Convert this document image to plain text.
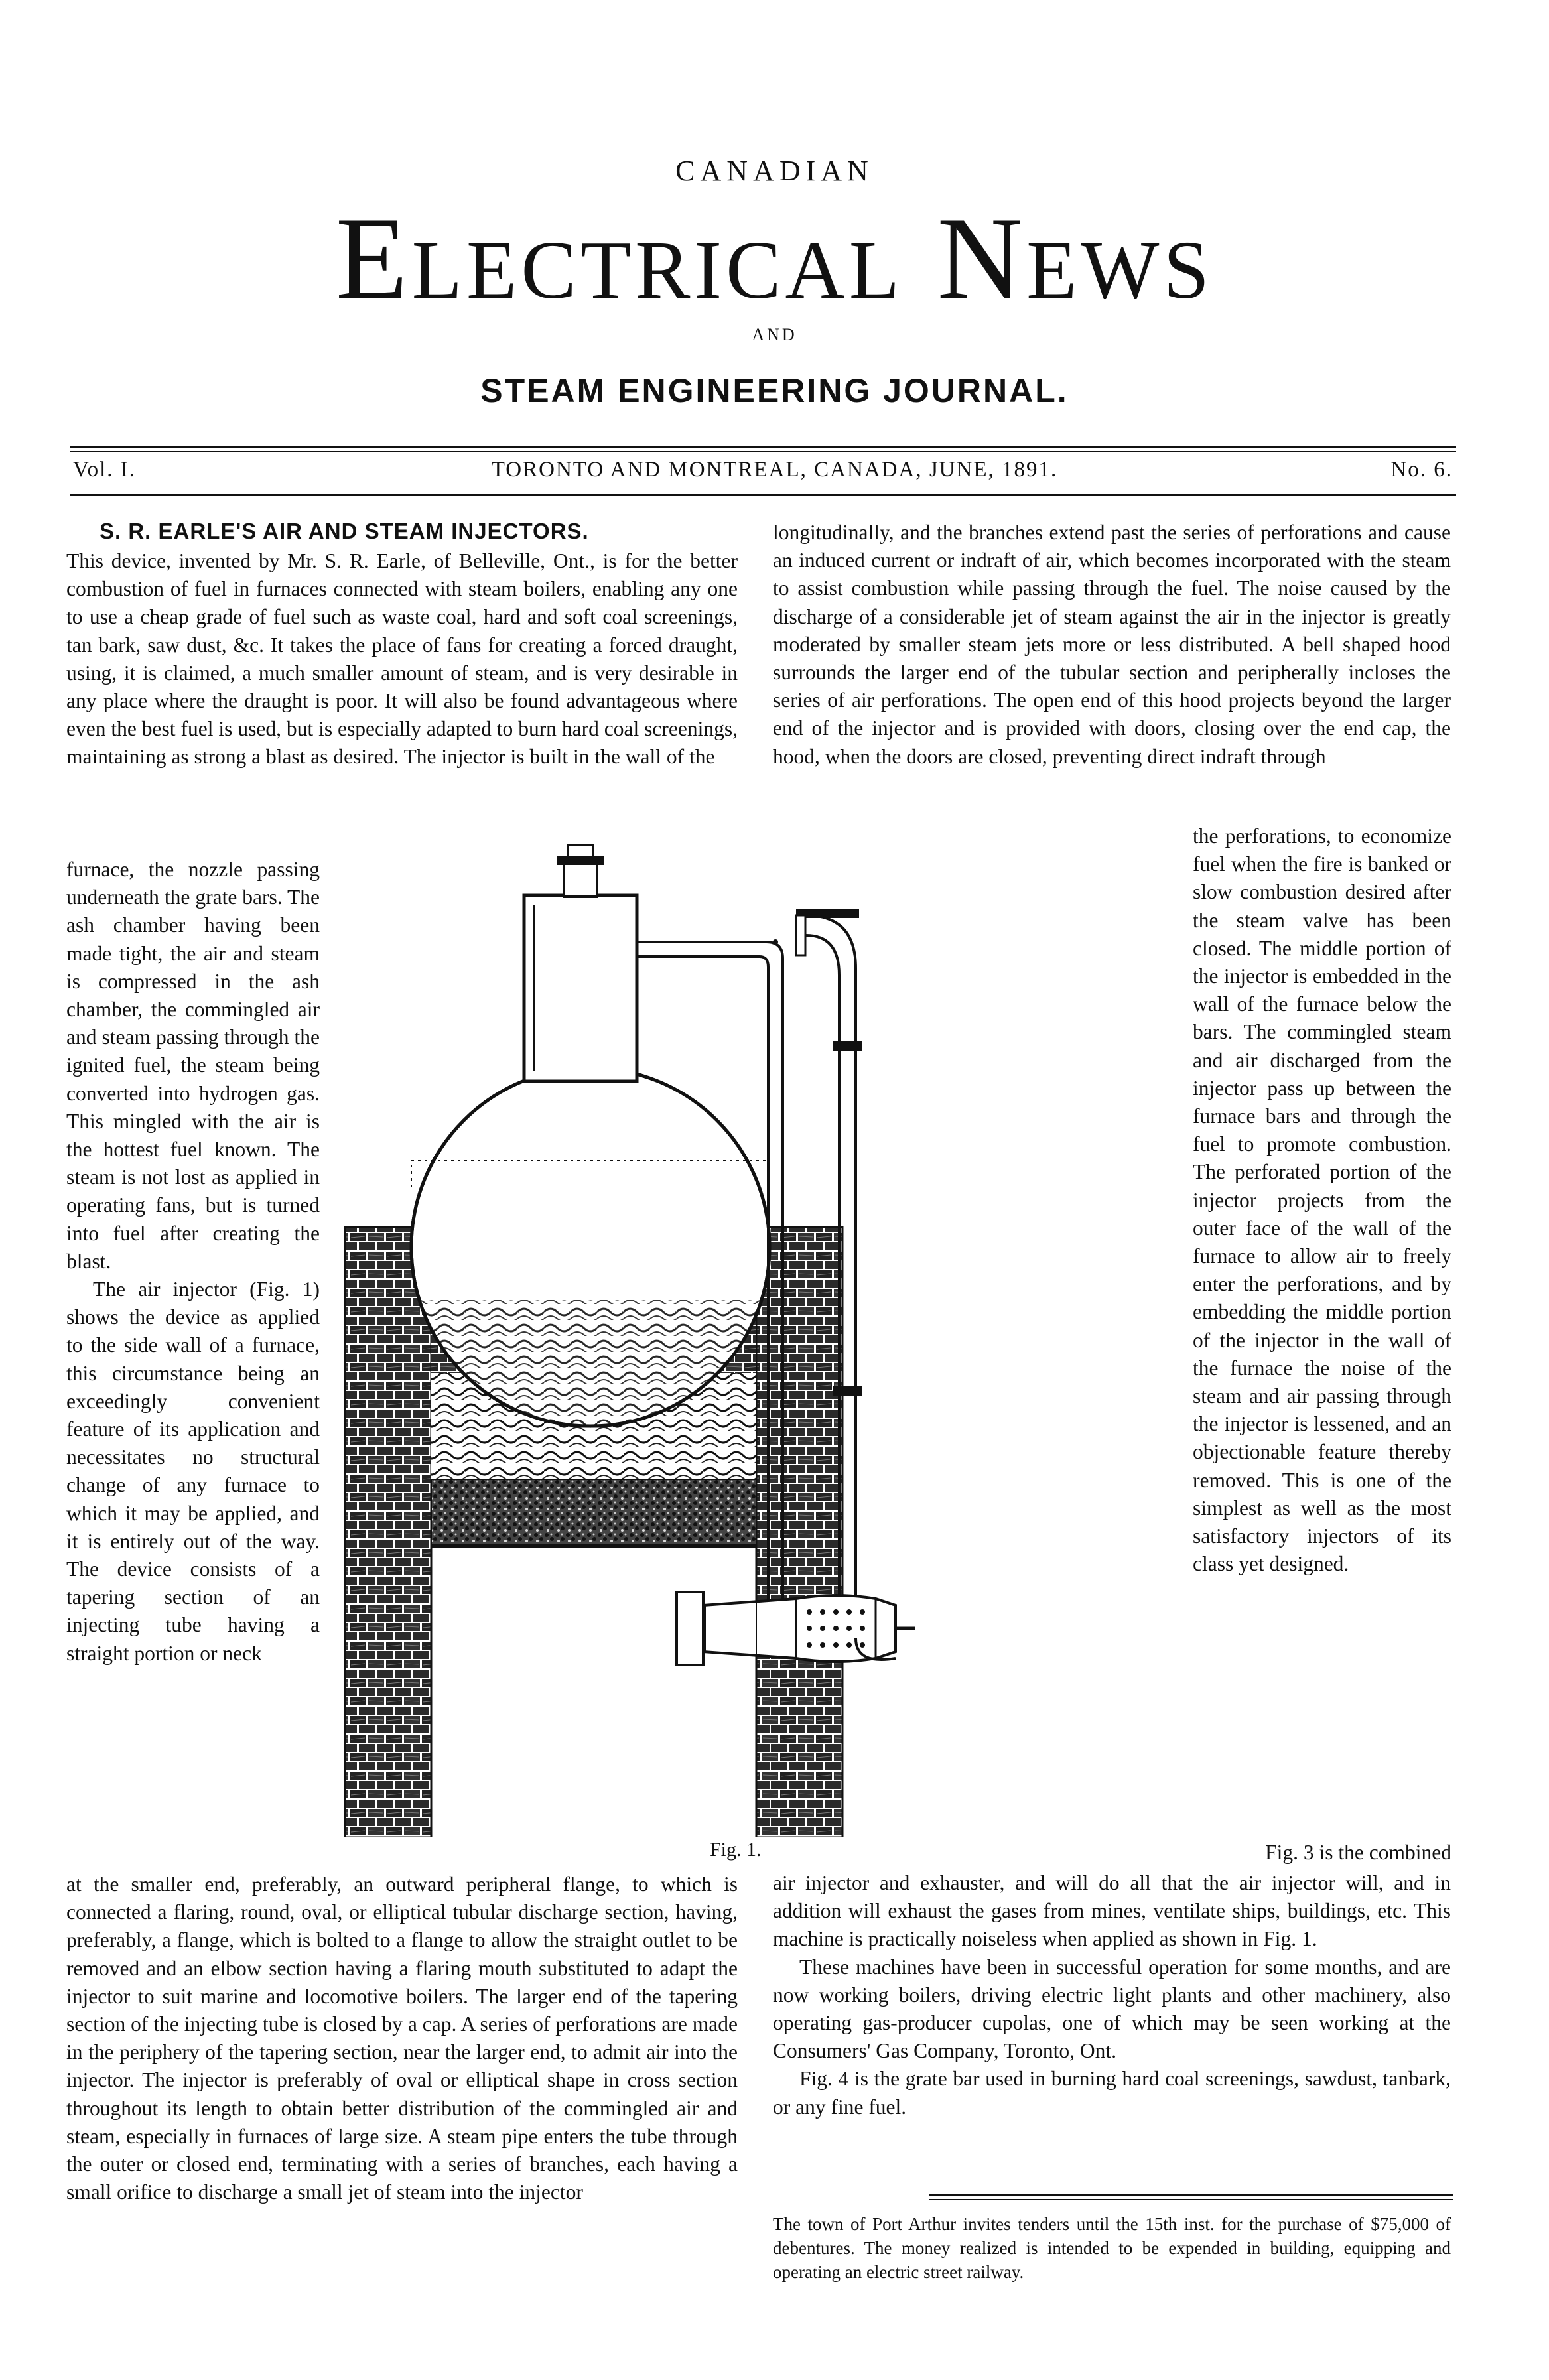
CANADIAN
Electrical News
AND
STEAM ENGINEERING JOURNAL.
Vol. I.	TORONTO AND MONTREAL, CANADA, JUNE, 1891.	No. 6.
S. R. EARLE'S AIR AND STEAM INJECTORS.

This device, invented by Mr. S. R. Earle, of Belleville, Ont., is for the better combustion of fuel in furnaces connected with steam boilers, enabling any one to use a cheap grade of fuel such as waste coal, hard and soft coal screenings, tan bark, saw dust, &c. It takes the place of fans for creating a forced draught, using, it is claimed, a much smaller amount of steam, and is very desirable in any place where the draught is poor. It will also be found advantageous where even the best fuel is used, but is especially adapted to burn hard coal screenings, maintaining as strong a blast as desired. The injector is built in the wall of the

furnace, the nozzle passing underneath the grate bars. The ash chamber having been made tight, the air and steam is compressed in the ash chamber, the commingled air and steam passing through the ignited fuel, the steam being converted into hydrogen gas. This mingled with the air is the hottest fuel known. The steam is not lost as applied in operating fans, but is turned into fuel after creating the blast.

The air injector (Fig. 1) shows the device as applied to the side wall of a furnace, this circumstance being an exceedingly convenient feature of its application and necessitates no structural change of any furnace to which it may be applied, and it is entirely out of the way. The device consists of a tapering section of an injecting tube having a straight portion or neck

at the smaller end, preferably, an outward peripheral flange, to which is connected a flaring, round, oval, or elliptical tubular discharge section, having, preferably, a flange, which is bolted to a flange to allow the straight outlet to be removed and an elbow section having a flaring mouth substituted to adapt the injector to suit marine and locomotive boilers. The larger end of the tapering section of the injecting tube is closed by a cap. A series of perforations are made in the periphery of the tapering section, near the larger end, to admit air into the injector. The injector is preferably of oval or elliptical shape in cross section throughout its length to obtain better distribution of the commingled air and steam, especially in furnaces of large size. A steam pipe enters the tube through the outer or closed end, terminating with a series of branches, each having a small orifice to discharge a small jet of steam into the injector

longitudinally, and the branches extend past the series of perforations and cause an induced current or indraft of air, which becomes incorporated with the steam to assist combustion while passing through the fuel. The noise caused by the discharge of a considerable jet of steam against the air in the injector is greatly moderated by smaller steam jets more or less distributed. A bell shaped hood surrounds the larger end of the tubular section and peripherally incloses the series of air perforations. The open end of this hood projects beyond the larger end of the injector and is provided with doors, closing over the end cap, the hood, when the doors are closed, preventing direct indraft through

the perforations, to economize fuel when the fire is banked or slow combustion desired after the steam valve has been closed. The middle portion of the injector is embedded in the wall of the furnace below the bars. The commingled steam and air discharged from the injector pass up between the furnace bars and through the fuel to promote combustion. The perforated portion of the injector projects from the outer face of the wall of the furnace to allow air to freely enter the perforations, and by embedding the middle portion of the injector in the wall of the furnace the noise of the steam and air passing through the injector is lessened, and an objectionable feature thereby removed. This is one of the simplest as well as the most satisfactory injectors of its class yet designed.

Fig. 1.	Fig. 3 is the combined

air injector and exhauster, and will do all that the air injector will, and in addition will exhaust the gases from mines, ventilate ships, buildings, etc. This machine is practically noiseless when applied as shown in Fig. 1.

These machines have been in successful operation for some months, and are now working boilers, driving electric light plants and other machinery, also operating gas-producer cupolas, one of which may be seen working at the Consumers' Gas Company, Toronto, Ont.

Fig. 4 is the grate bar used in burning hard coal screenings, sawdust, tanbark, or any fine fuel.

The town of Port Arthur invites tenders until the 15th inst. for the purchase of $75,000 of debentures. The money realized is intended to be expended in building, equipping and operating an electric street railway.
